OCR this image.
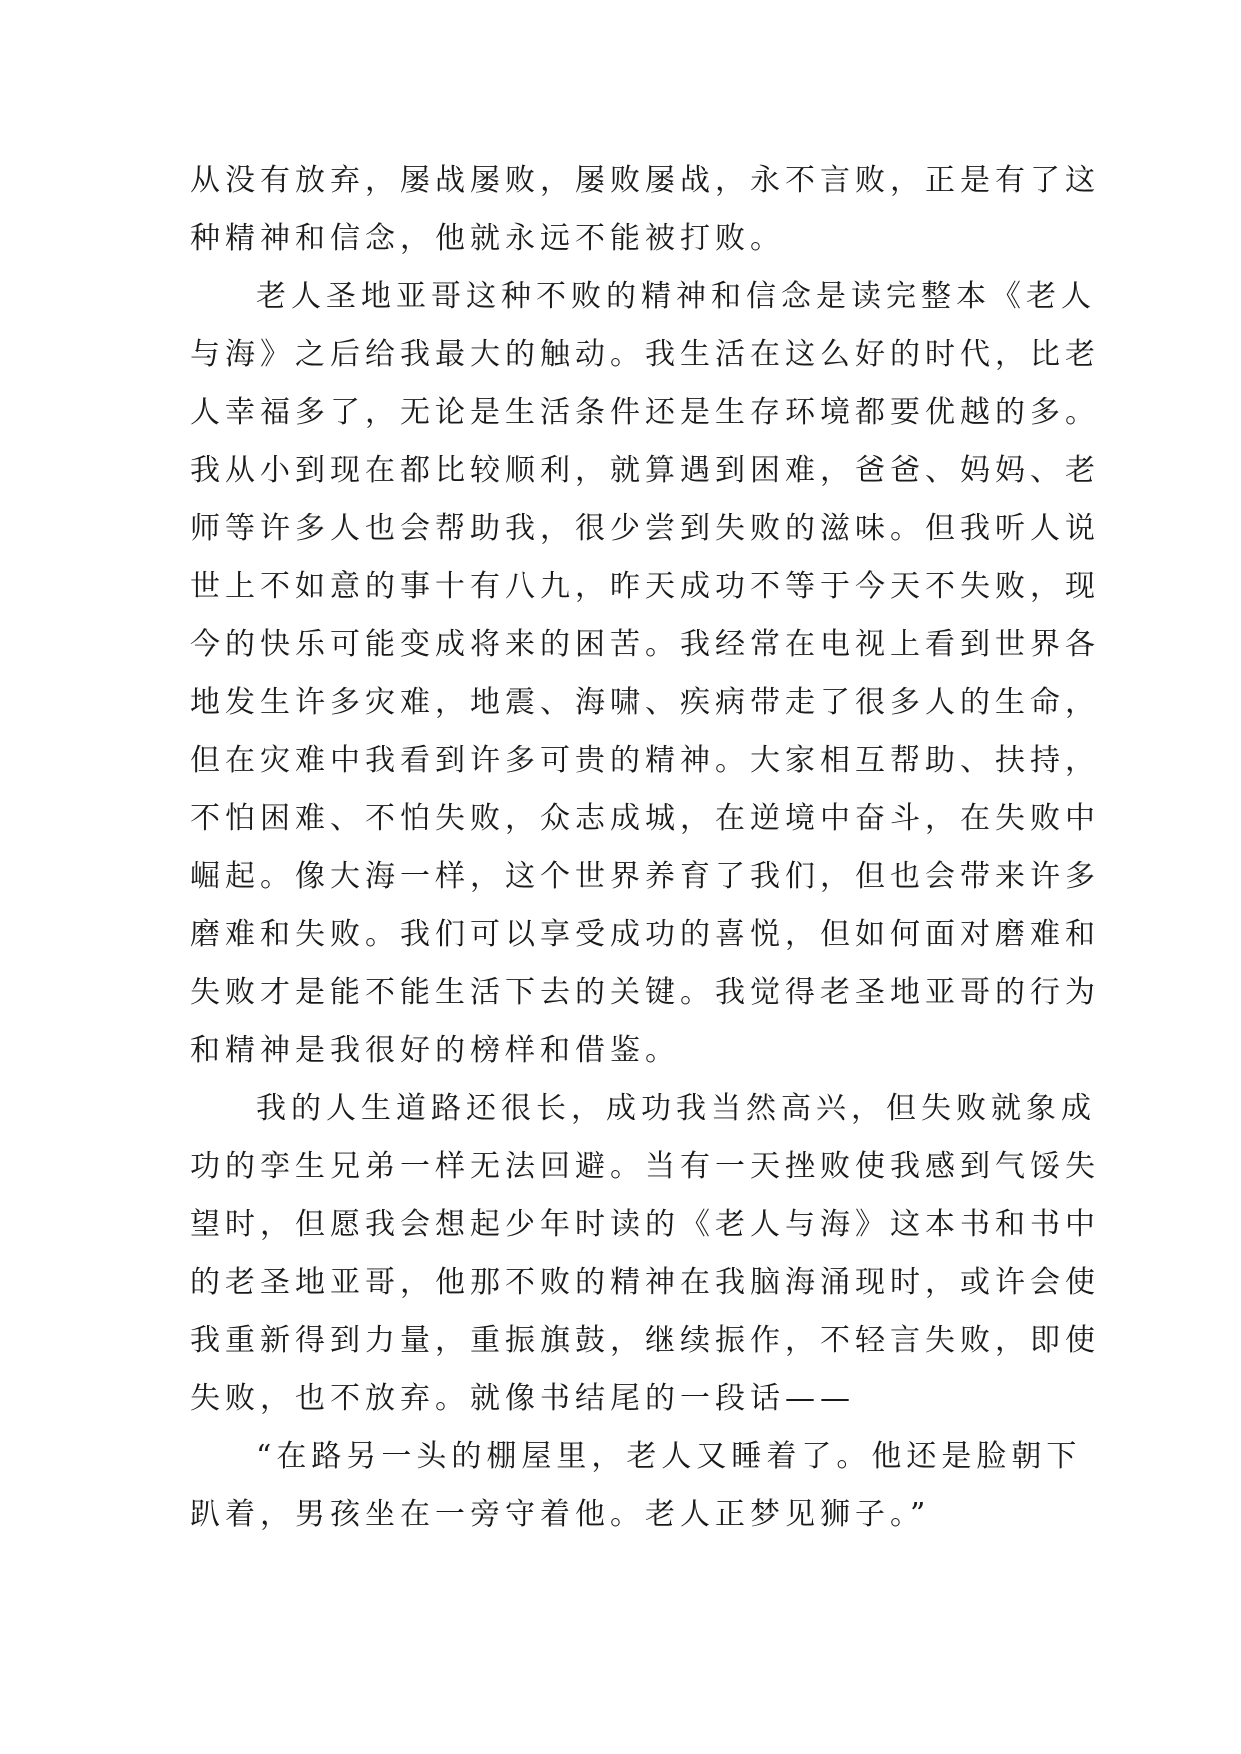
从没有放弃，屡战屡败，屡败屡战，永不言败，正是有了这
种精神和信念，他就永远不能被打败。
老人圣地亚哥这种不败的精神和信念是读完整本《老人
与海》之后给我最大的触动。我生活在这么好的时代，比老
人幸福多了，无论是生活条件还是生存环境都要优越的多。
我从小到现在都比较顺利，就算遇到困难，爸爸、妈妈、老
师等许多人也会帮助我，很少尝到失败的滋味。但我听人说
世上不如意的事十有八九，昨天成功不等于今天不失败，现
今的快乐可能变成将来的困苦。我经常在电视上看到世界各
地发生许多灾难，地震、海啸、疾病带走了很多人的生命，
但在灾难中我看到许多可贵的精神。大家相互帮助、扶持，
不怕困难、不怕失败，众志成城，在逆境中奋斗，在失败中
崛起。像大海一样，这个世界养育了我们，但也会带来许多
磨难和失败。我们可以享受成功的喜悦，但如何面对磨难和
失败才是能不能生活下去的关键。我觉得老圣地亚哥的行为
和精神是我很好的榜样和借鉴。
我的人生道路还很长，成功我当然高兴，但失败就象成
功的孪生兄弟一样无法回避。当有一天挫败使我感到气馁失
望时，但愿我会想起少年时读的《老人与海》这本书和书中
的老圣地亚哥，他那不败的精神在我脑海涌现时，或许会使
我重新得到力量，重振旗鼓，继续振作，不轻言失败，即使
失败，也不放弃。就像书结尾的一段话——
“在路另一头的棚屋里，老人又睡着了。他还是脸朝下
趴着，男孩坐在一旁守着他。老人正梦见狮子。”
